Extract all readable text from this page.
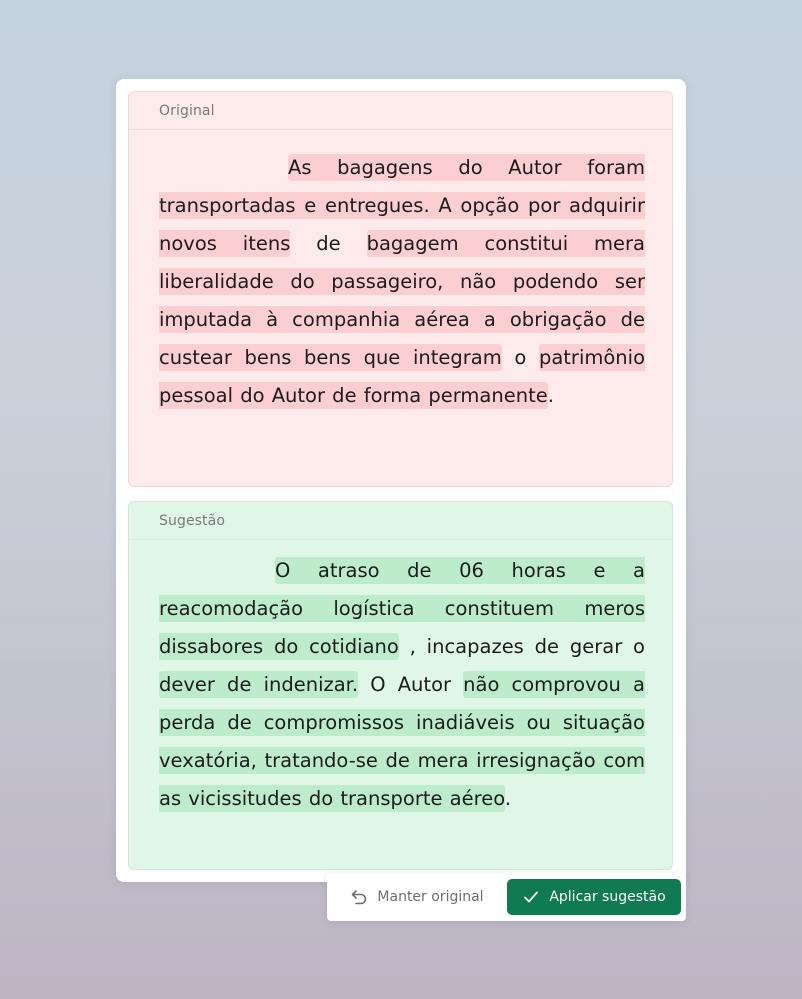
Original

As bagagens do Autor foram transportadas e entregues. A opção por adquirir novos itens de bagagem constitui mera liberalidade do passageiro, não podendo ser imputada à companhia aérea a obrigação de custear bens bens que integram o patrimônio pessoal do Autor de forma permanente.

Sugestão

O atraso de 06 horas e a reacomodação logística constituem meros dissabores do cotidiano , incapazes de gerar o dever de indenizar. O Autor não comprovou a perda de compromissos inadiáveis ou situação vexatória, tratando-se de mera irresignação com as vicissitudes do transporte aéreo.

Manter original	Aplicar sugestão
